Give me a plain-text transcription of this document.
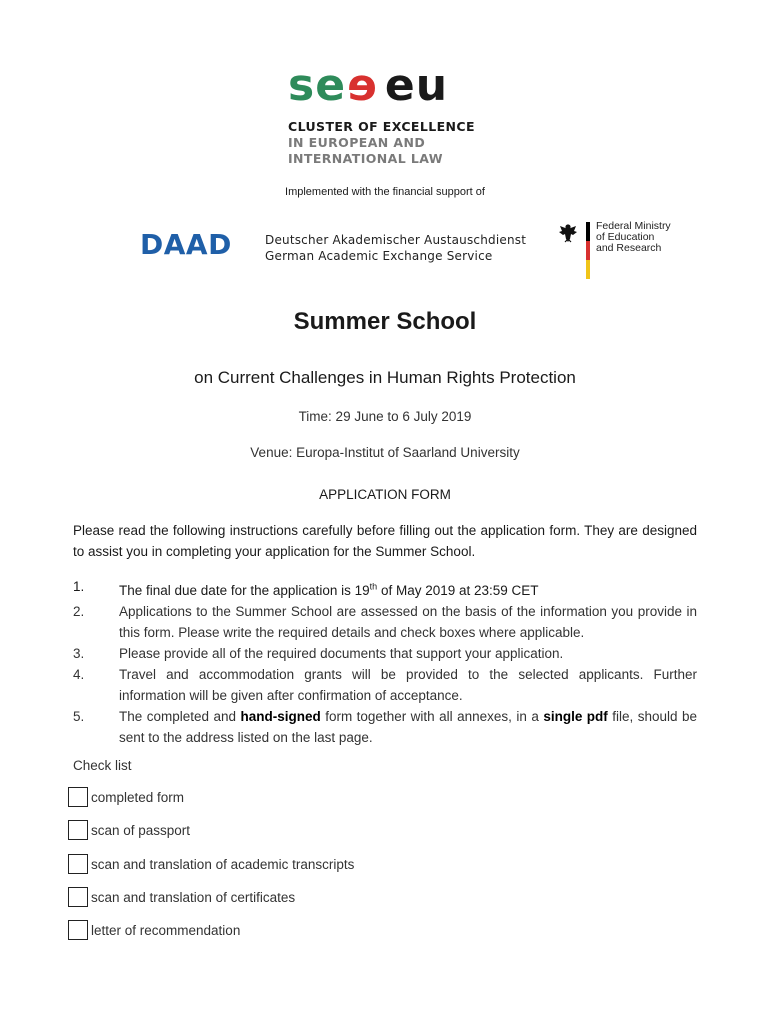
see eu
CLUSTER OF EXCELLENCE
IN EUROPEAN AND
INTERNATIONAL LAW
Implemented with the financial support of
DAAD	Deutscher Akademischer Austauschdienst
German Academic Exchange Service
Federal Ministry
of Education
and Research
Summer School
on Current Challenges in Human Rights Protection
Time: 29 June to 6 July 2019
Venue: Europa-Institut of Saarland University
APPLICATION FORM
Please read the following instructions carefully before filling out the application form. They are designed to assist you in completing your application for the Summer School.
1.	The final due date for the application is 19th of May 2019 at 23:59 CET
2.	Applications to the Summer School are assessed on the basis of the information you provide in this form. Please write the required details and check boxes where applicable.
3.	Please provide all of the required documents that support your application.
4.	Travel and accommodation grants will be provided to the selected applicants. Further information will be given after confirmation of acceptance.
5.	The completed and hand-signed form together with all annexes, in a single pdf file, should be sent to the address listed on the last page.
Check list
completed form
scan of passport
scan and translation of academic transcripts
scan and translation of certificates
letter of recommendation
